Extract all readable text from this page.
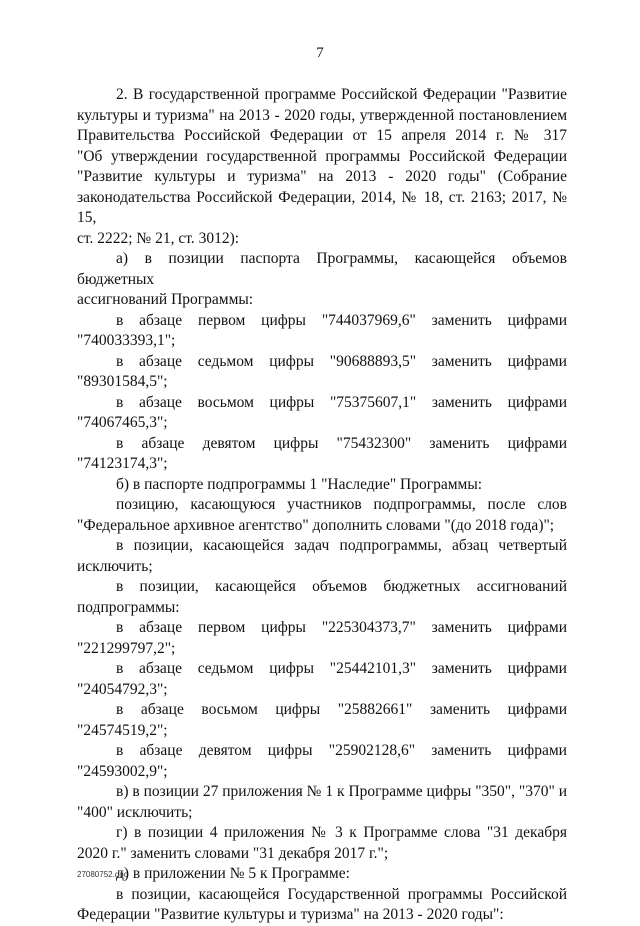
7
2. В государственной программе Российской Федерации "Развитие
культуры и туризма" на 2013 - 2020 годы, утвержденной постановлением
Правительства Российской Федерации от 15 апреля 2014 г. № 317
"Об утверждении государственной программы Российской Федерации
"Развитие культуры и туризма" на 2013 - 2020 годы" (Собрание
законодательства Российской Федерации, 2014, № 18, ст. 2163; 2017, № 15,
ст. 2222; № 21, ст. 3012):
а) в позиции паспорта Программы, касающейся объемов бюджетных
ассигнований Программы:
в абзаце первом цифры "744037969,6" заменить цифрами
"740033393,1";
в абзаце седьмом цифры "90688893,5" заменить цифрами
"89301584,5";
в абзаце восьмом цифры "75375607,1" заменить цифрами
"74067465,3";
в абзаце девятом цифры "75432300" заменить цифрами "74123174,3";
б) в паспорте подпрограммы 1 "Наследие" Программы:
позицию, касающуюся участников подпрограммы, после слов
"Федеральное архивное агентство" дополнить словами "(до 2018 года)";
в позиции, касающейся задач подпрограммы, абзац четвертый
исключить;
в позиции, касающейся объемов бюджетных ассигнований
подпрограммы:
в абзаце первом цифры "225304373,7" заменить цифрами
"221299797,2";
в абзаце седьмом цифры "25442101,3" заменить цифрами
"24054792,3";
в абзаце восьмом цифры "25882661" заменить цифрами
"24574519,2";
в абзаце девятом цифры "25902128,6" заменить цифрами
"24593002,9";
в) в позиции 27 приложения № 1 к Программе цифры "350", "370" и
"400" исключить;
г) в позиции 4 приложения № 3 к Программе слова "31 декабря
2020 г." заменить словами "31 декабря 2017 г.";
д) в приложении № 5 к Программе:
в позиции, касающейся Государственной программы Российской
Федерации "Развитие культуры и туризма" на 2013 - 2020 годы":
27080752.doc
